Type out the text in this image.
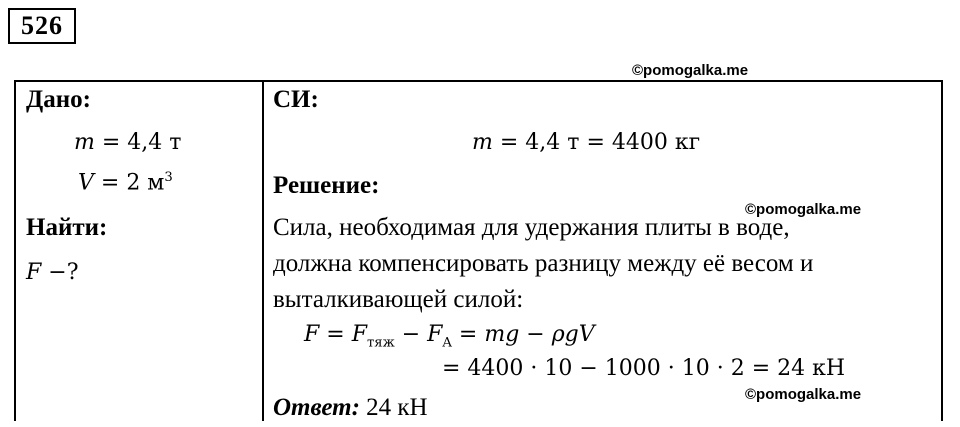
526
©pomogalka.me
©pomogalka.me
©pomogalka.me
Дано:
m = 4,4 т
V = 2 $м^3$
Найти:
F −?
СИ:
m = 4,4 т = 4400 кг
Решение:
Сила, необходимая для удержания плиты в воде,
должна компенсировать разницу между её весом и
выталкивающей силой:
$F = F_{тяж} - F_A$ = mg − ρgV
= 4400 · 10 − 1000 · 10 · 2 = 24 кН
Ответ: 24 кН
